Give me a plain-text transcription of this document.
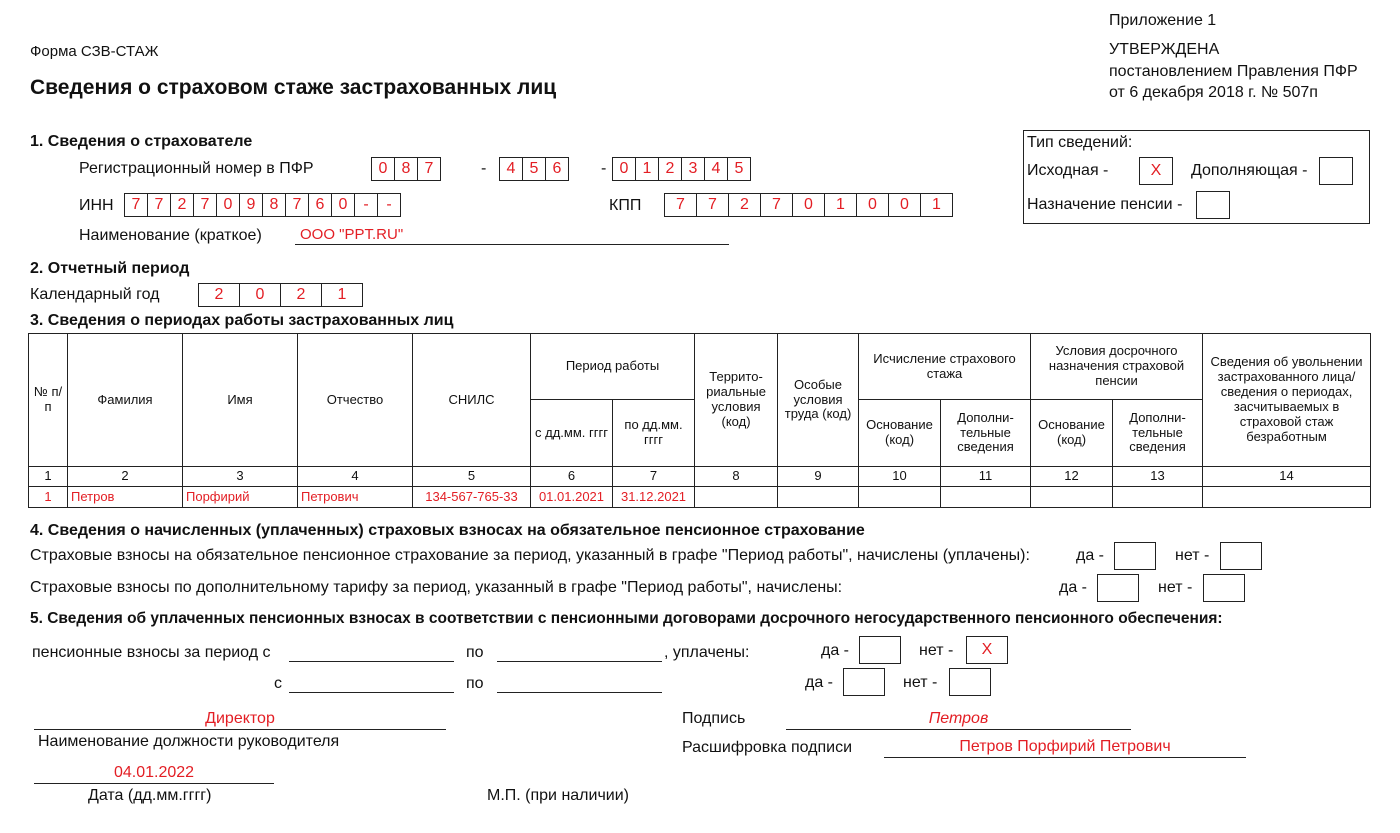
Приложение 1
УТВЕРЖДЕНА
постановлением Правления ПФР
от 6 декабря 2018 г. № 507п
Форма СЗВ-СТАЖ
Сведения о страховом стаже застрахованных лиц
1. Сведения о страхователе
Регистрационный номер в ПФР	0 8 7	-	4 5 6	- 0 1 2 3 4 5
ИНН	7 7 2 7 0 9 8 7 6 0 -	-	КПП	7	7	2	7	0	1	0	0	1
Наименование (краткое)	ООО "PPT.RU"
Тип сведений:
Исходная -	X	Дополняющая -
Назначение пенсии -
2. Отчетный период
Календарный год	2	0	2	1
3. Сведения о периодах работы застрахованных лиц
№ п/п	Фамилия	Имя	Отчество	СНИЛС	Период работы		Террито-риальные условия (код)	Особые условия труда (код)	Исчисление страхового стажа		Условия досрочного назначения страховой пенсии		Сведения об увольнении застрахованного лица/ сведения о периодах, засчитываемых в страховой стаж безработным
					с дд.мм. гггг	по дд.мм. гггг			Основание (код)	Дополни-тельные сведения	Основание (код)	Дополни-тельные сведения	
1	2	3	4	5	6	7	8	9	10	11	12	13	14
1	Петров	Порфирий	Петрович	134-567-765-33	01.01.2021	31.12.2021							
4. Сведения о начисленных (уплаченных) страховых взносах на обязательное пенсионное страхование
Страховые взносы на обязательное пенсионное страхование за период, указанный в графе "Период работы", начислены (уплачены):	да -	нет -
Страховые взносы по дополнительному тарифу за период, указанный в графе "Период работы", начислены:	да -	нет -
5. Сведения об уплаченных пенсионных взносах в соответствии с пенсионными договорами досрочного негосударственного пенсионного обеспечения:
пенсионные взносы за период с	по	, уплачены:	да -	нет -	X
с	по	да -	нет -
Директор
Наименование должности руководителя
Подпись	Петров
Расшифровка подписи	Петров Порфирий Петрович
04.01.2022
Дата (дд.мм.гггг)	М.П. (при наличии)
